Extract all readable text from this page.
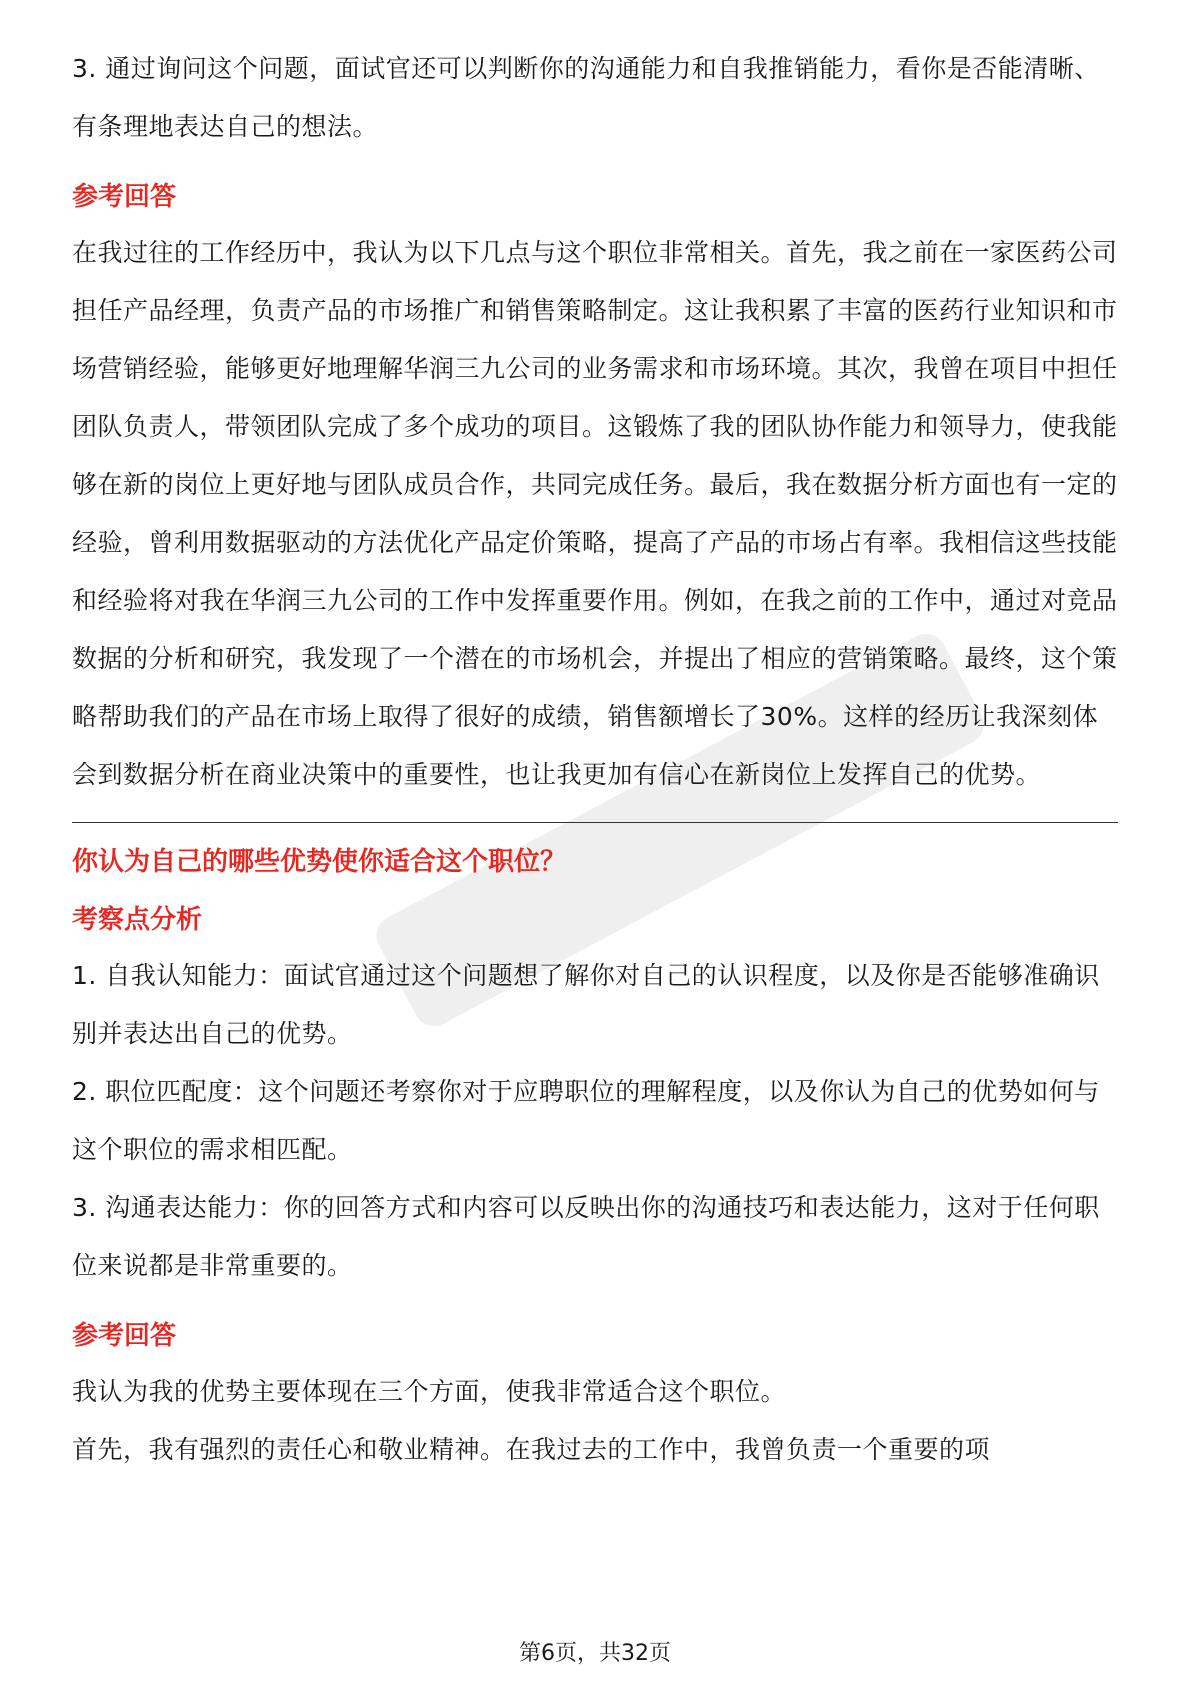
3. 通过询问这个问题，面试官还可以判断你的沟通能力和自我推销能力，看你是否能清晰、有条理地表达自己的想法。

参考回答

在我过往的工作经历中，我认为以下几点与这个职位非常相关。首先，我之前在一家医药公司担任产品经理，负责产品的市场推广和销售策略制定。这让我积累了丰富的医药行业知识和市场营销经验，能够更好地理解华润三九公司的业务需求和市场环境。其次，我曾在项目中担任团队负责人，带领团队完成了多个成功的项目。这锻炼了我的团队协作能力和领导力，使我能够在新的岗位上更好地与团队成员合作，共同完成任务。最后，我在数据分析方面也有一定的经验，曾利用数据驱动的方法优化产品定价策略，提高了产品的市场占有率。我相信这些技能和经验将对我在华润三九公司的工作中发挥重要作用。例如，在我之前的工作中，通过对竞品数据的分析和研究，我发现了一个潜在的市场机会，并提出了相应的营销策略。最终，这个策略帮助我们的产品在市场上取得了很好的成绩，销售额增长了30%。这样的经历让我深刻体会到数据分析在商业决策中的重要性，也让我更加有信心在新岗位上发挥自己的优势。

你认为自己的哪些优势使你适合这个职位？

考察点分析

1. 自我认知能力：面试官通过这个问题想了解你对自己的认识程度，以及你是否能够准确识别并表达出自己的优势。

2. 职位匹配度：这个问题还考察你对于应聘职位的理解程度，以及你认为自己的优势如何与这个职位的需求相匹配。

3. 沟通表达能力：你的回答方式和内容可以反映出你的沟通技巧和表达能力，这对于任何职位来说都是非常重要的。

参考回答

我认为我的优势主要体现在三个方面，使我非常适合这个职位。

首先，我有强烈的责任心和敬业精神。在我过去的工作中，我曾负责一个重要的项

第6页，共32页
